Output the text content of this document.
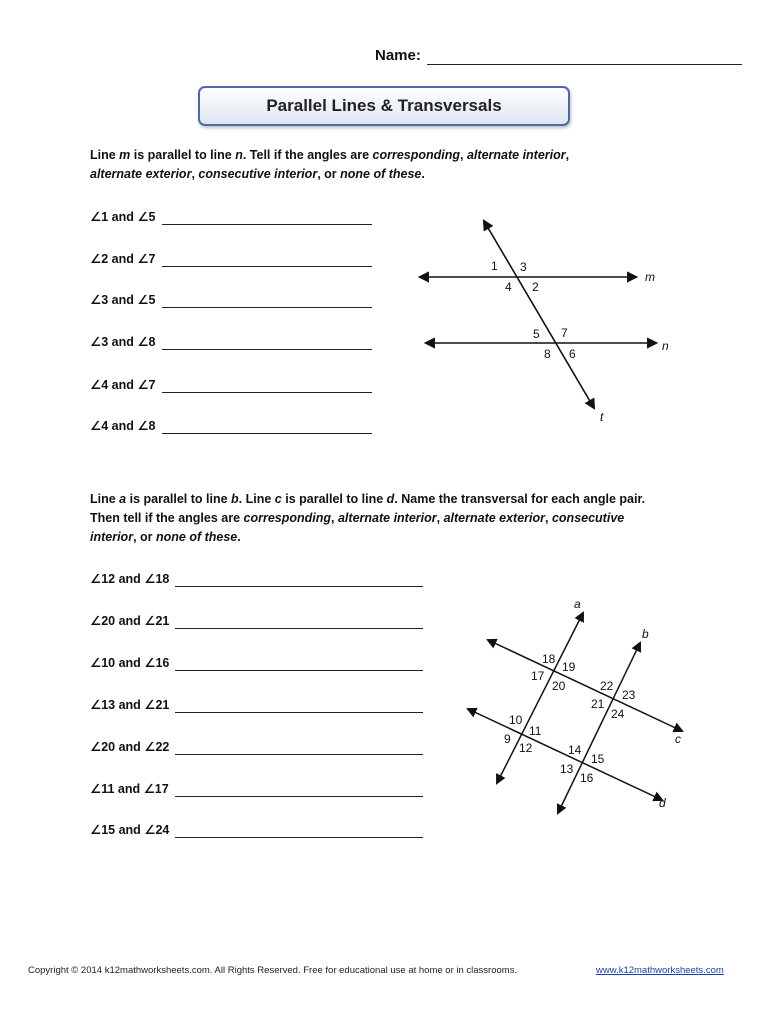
Name:
Parallel Lines & Transversals
Line m is parallel to line n. Tell if the angles are corresponding, alternate interior,
alternate exterior, consecutive interior, or none of these.
∠1 and ∠5
∠2 and ∠7
∠3 and ∠5
∠3 and ∠8
∠4 and ∠7
∠4 and ∠8
m
n
t
1 3
4 2
5 7
8 6
a
b
c
d
18
19
17
20	22
23
21
24
10
11
9
12	14
15
13
16
Line a is parallel to line b. Line c is parallel to line d. Name the transversal for each angle pair.
Then tell if the angles are corresponding, alternate interior, alternate exterior, consecutive
interior, or none of these.
∠12 and ∠18
∠20 and ∠21
∠10 and ∠16
∠13 and ∠21
∠20 and ∠22
∠11 and ∠17
∠15 and ∠24
Copyright © 2014 k12mathworksheets.com. All Rights Reserved. Free for educational use at home or in classrooms.	www.k12mathworksheets.com
